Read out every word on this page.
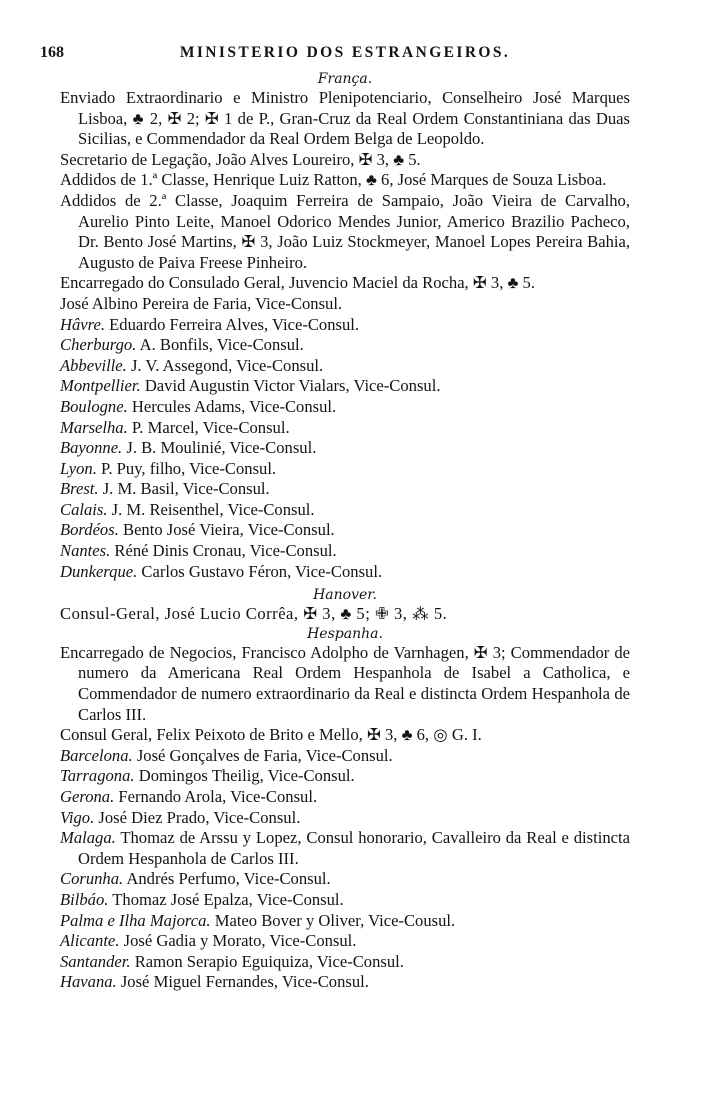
168	MINISTERIO DOS ESTRANGEIROS.

França.

Enviado Extraordinario e Ministro Plenipotenciario, Conselheiro José Marques Lisboa, ♣ 2, ✠ 2; ✠ 1 de P., Gran-Cruz da Real Ordem Constantiniana das Duas Sicilias, e Commendador da Real Ordem Belga de Leopoldo.

Secretario de Legação, João Alves Loureiro, ✠ 3, ♣ 5.

Addidos de 1.ª Classe, Henrique Luiz Ratton, ♣ 6, José Marques de Souza Lisboa.

Addidos de 2.ª Classe, Joaquim Ferreira de Sampaio, João Vieira de Carvalho, Aurelio Pinto Leite, Manoel Odorico Mendes Junior, Americo Brazilio Pacheco, Dr. Bento José Martins, ✠ 3, João Luiz Stockmeyer, Manoel Lopes Pereira Bahia, Augusto de Paiva Freese Pinheiro.

Encarregado do Consulado Geral, Juvencio Maciel da Rocha, ✠ 3, ♣ 5.

José Albino Pereira de Faria, Vice-Consul.

Hâvre. Eduardo Ferreira Alves, Vice-Consul.

Cherburgo. A. Bonfils, Vice-Consul.

Abbeville. J. V. Assegond, Vice-Consul.

Montpellier. David Augustin Victor Vialars, Vice-Consul.

Boulogne. Hercules Adams, Vice-Consul.

Marselha. P. Marcel, Vice-Consul.

Bayonne. J. B. Moulinié, Vice-Consul.

Lyon. P. Puy, filho, Vice-Consul.

Brest. J. M. Basil, Vice-Consul.

Calais. J. M. Reisenthel, Vice-Consul.

Bordéos. Bento José Vieira, Vice-Consul.

Nantes. Réné Dinis Cronau, Vice-Consul.

Dunkerque. Carlos Gustavo Féron, Vice-Consul.

Hanover.

Consul-Geral, José Lucio Corrêa, ✠ 3, ♣ 5; ✙ 3, ⁂ 5.

Hespanha.

Encarregado de Negocios, Francisco Adolpho de Varnhagen, ✠ 3; Commendador de numero da Americana Real Ordem Hespanhola de Isabel a Catholica, e Commendador de numero extraordinario da Real e distincta Ordem Hespanhola de Carlos III.

Consul Geral, Felix Peixoto de Brito e Mello, ✠ 3, ♣ 6, ◎ G. I.

Barcelona. José Gonçalves de Faria, Vice-Consul.

Tarragona. Domingos Theilig, Vice-Consul.

Gerona. Fernando Arola, Vice-Consul.

Vigo. José Diez Prado, Vice-Consul.

Malaga. Thomaz de Arssu y Lopez, Consul honorario, Cavalleiro da Real e distincta Ordem Hespanhola de Carlos III.

Corunha. Andrés Perfumo, Vice-Consul.

Bilbáo. Thomaz José Epalza, Vice-Consul.

Palma e Ilha Majorca. Mateo Bover y Oliver, Vice-Cousul.

Alicante. José Gadia y Morato, Vice-Consul.

Santander. Ramon Serapio Eguiquiza, Vice-Consul.

Havana. José Miguel Fernandes, Vice-Consul.
